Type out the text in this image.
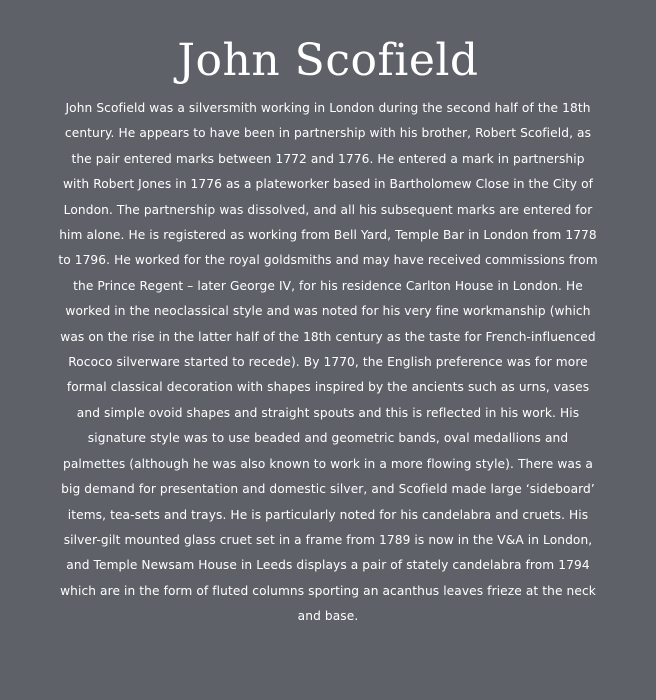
John Scofield

John Scofield was a silversmith working in London during the second half of the 18th century. He appears to have been in partnership with his brother, Robert Scofield, as the pair entered marks between 1772 and 1776. He entered a mark in partnership with Robert Jones in 1776 as a plateworker based in Bartholomew Close in the City of London. The partnership was dissolved, and all his subsequent marks are entered for him alone. He is registered as working from Bell Yard, Temple Bar in London from 1778 to 1796. He worked for the royal goldsmiths and may have received commissions from the Prince Regent – later George IV, for his residence Carlton House in London. He worked in the neoclassical style and was noted for his very fine workmanship (which was on the rise in the latter half of the 18th century as the taste for French-influenced Rococo silverware started to recede). By 1770, the English preference was for more formal classical decoration with shapes inspired by the ancients such as urns, vases and simple ovoid shapes and straight spouts and this is reflected in his work. His signature style was to use beaded and geometric bands, oval medallions and palmettes (although he was also known to work in a more flowing style). There was a big demand for presentation and domestic silver, and Scofield made large ‘sideboard’ items, tea-sets and trays. He is particularly noted for his candelabra and cruets. His silver-gilt mounted glass cruet set in a frame from 1789 is now in the V&A in London, and Temple Newsam House in Leeds displays a pair of stately candelabra from 1794 which are in the form of fluted columns sporting an acanthus leaves frieze at the neck and base.
